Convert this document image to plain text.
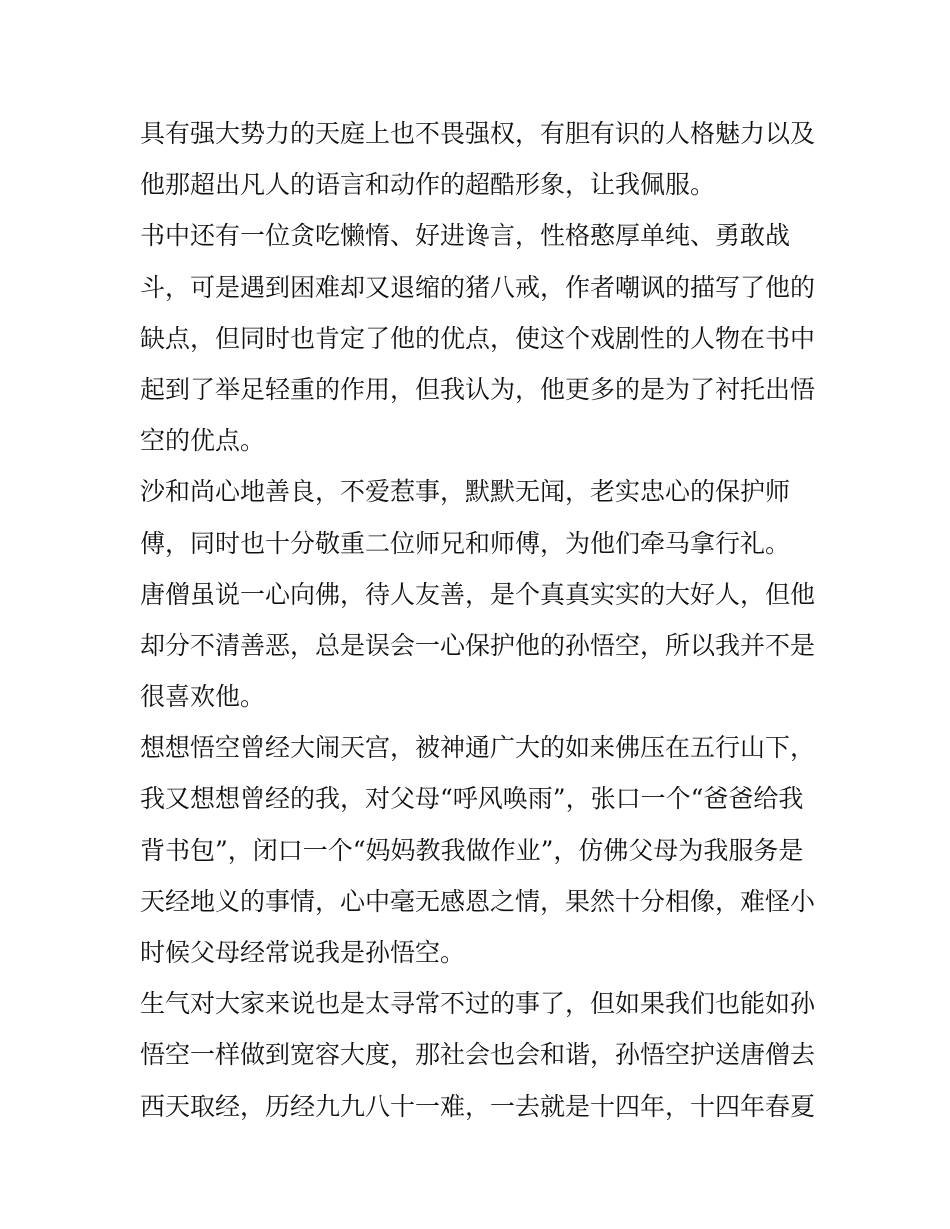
具有强大势力的天庭上也不畏强权，有胆有识的人格魅力以及
他那超出凡人的语言和动作的超酷形象，让我佩服。
书中还有一位贪吃懒惰、好进谗言，性格憨厚单纯、勇敢战
斗，可是遇到困难却又退缩的猪八戒，作者嘲讽的描写了他的
缺点，但同时也肯定了他的优点，使这个戏剧性的人物在书中
起到了举足轻重的作用，但我认为，他更多的是为了衬托出悟
空的优点。
沙和尚心地善良，不爱惹事，默默无闻，老实忠心的保护师
傅，同时也十分敬重二位师兄和师傅，为他们牵马拿行礼。
唐僧虽说一心向佛，待人友善，是个真真实实的大好人，但他
却分不清善恶，总是误会一心保护他的孙悟空，所以我并不是
很喜欢他。
想想悟空曾经大闹天宫，被神通广大的如来佛压在五行山下，
我又想想曾经的我，对父母“呼风唤雨”，张口一个“爸爸给我
背书包”，闭口一个“妈妈教我做作业”，仿佛父母为我服务是
天经地义的事情，心中毫无感恩之情，果然十分相像，难怪小
时候父母经常说我是孙悟空。
生气对大家来说也是太寻常不过的事了，但如果我们也能如孙
悟空一样做到宽容大度，那社会也会和谐，孙悟空护送唐僧去
西天取经，历经九九八十一难，一去就是十四年，十四年春夏
